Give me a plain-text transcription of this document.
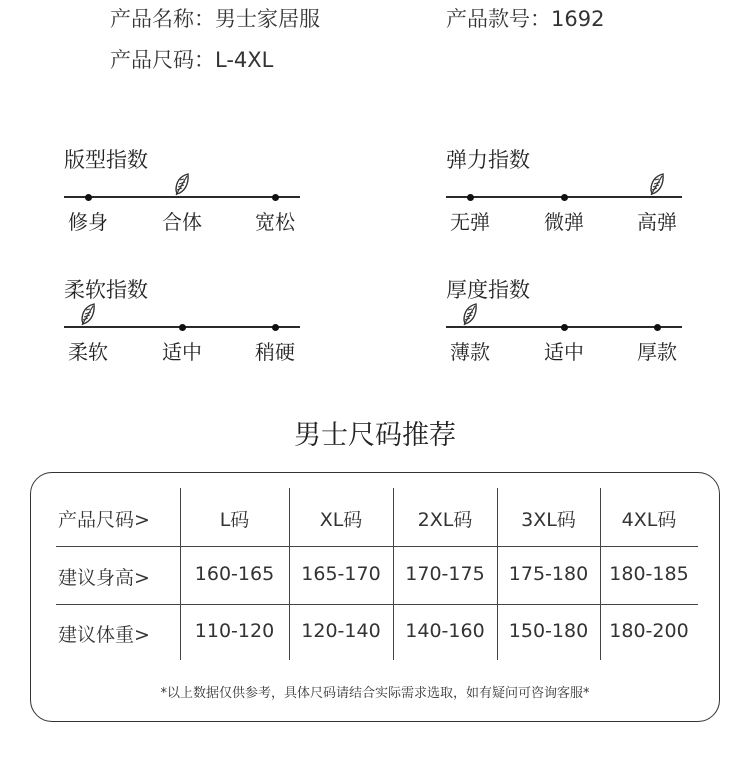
产品名称：男士家居服	产品款号：1692
产品尺码：L-4XL
版型指数
修身	合体	宽松
弹力指数
无弹	微弹	高弹
柔软指数
柔软	适中	稍硬
厚度指数
薄款	适中	厚款
男士尺码推荐
产品尺码>	L码	XL码	2XL码	3XL码	4XL码
建议身高>	160-165	165-170	170-175	175-180	180-185
建议体重>	110-120	120-140	140-160	150-180	180-200
*以上数据仅供参考，具体尺码请结合实际需求选取，如有疑问可咨询客服*
